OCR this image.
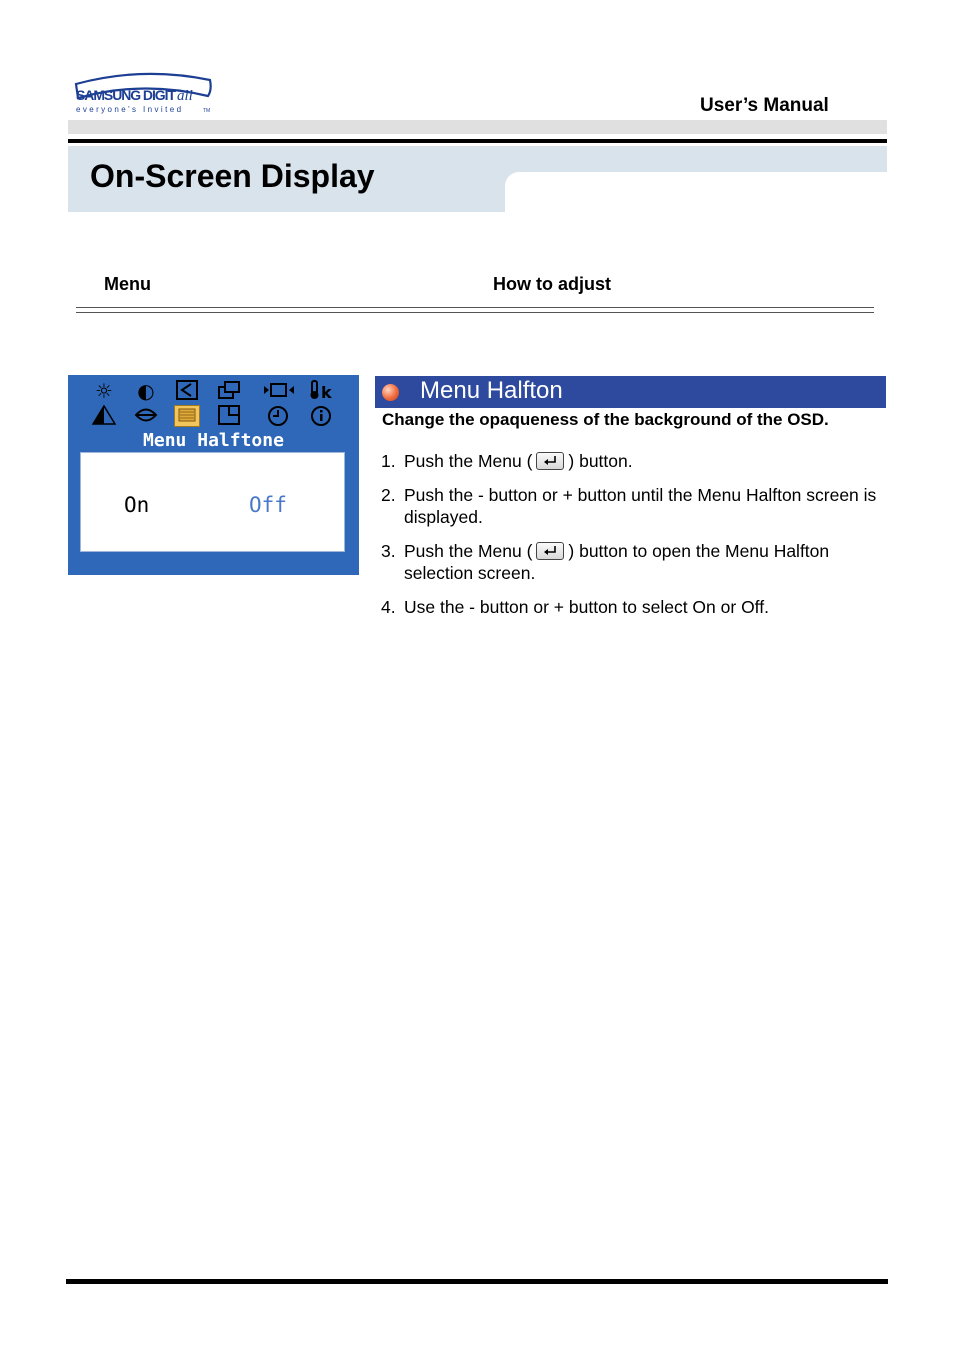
SAMSUNG DIGIT all
everyone's Invited	TM	User’s Manual
On-Screen Display
Menu	How to adjust
☼ ◐	k
Menu Halftone
On	Off
Menu Halfton
Change the opaqueness of the background of the OSD.
1. Push the Menu ( ) button.
2. Push the - button or + button until the Menu Halfton screen is displayed.
3. Push the Menu ( ) button to open the Menu Halfton selection screen.
4. Use the - button or + button to select On or Off.
